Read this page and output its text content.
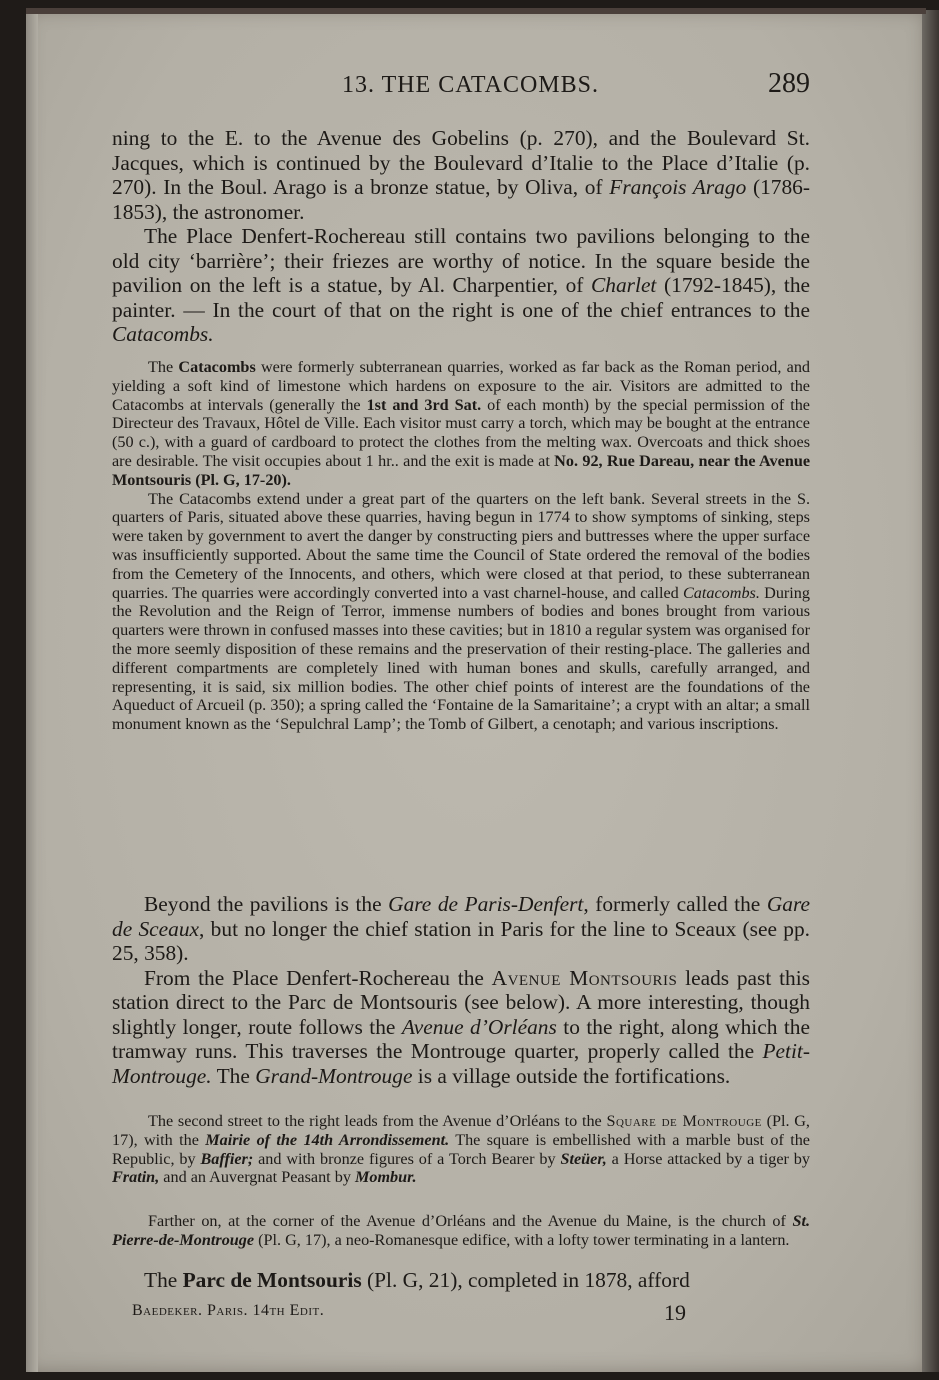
13. THE CATACOMBS.	289

ning to the E. to the Avenue des Gobelins (p. 270), and the Boulevard St. Jacques, which is continued by the Boulevard d’Italie to the Place d’Italie (p. 270). In the Boul. Arago is a bronze statue, by Oliva, of François Arago (1786-1853), the astronomer.

The Place Denfert-Rochereau still contains two pavilions belonging to the old city ‘barrière’; their friezes are worthy of notice. In the square beside the pavilion on the left is a statue, by Al. Charpentier, of Charlet (1792-1845), the painter. — In the court of that on the right is one of the chief entrances to the Catacombs.

The Catacombs were formerly subterranean quarries, worked as far back as the Roman period, and yielding a soft kind of limestone which hardens on exposure to the air. Visitors are admitted to the Catacombs at intervals (generally the 1st and 3rd Sat. of each month) by the special permission of the Directeur des Travaux, Hôtel de Ville. Each visitor must carry a torch, which may be bought at the entrance (50 c.), with a guard of cardboard to protect the clothes from the melting wax. Overcoats and thick shoes are desirable. The visit occupies about 1 hr.. and the exit is made at No. 92, Rue Dareau, near the Avenue Montsouris (Pl. G, 17-20).

The Catacombs extend under a great part of the quarters on the left bank. Several streets in the S. quarters of Paris, situated above these quarries, having begun in 1774 to show symptoms of sinking, steps were taken by government to avert the danger by constructing piers and buttresses where the upper surface was insufficiently supported. About the same time the Council of State ordered the removal of the bodies from the Cemetery of the Innocents, and others, which were closed at that period, to these subterranean quarries. The quarries were accordingly converted into a vast charnel-house, and called Catacombs. During the Revolution and the Reign of Terror, immense numbers of bodies and bones brought from various quarters were thrown in confused masses into these cavities; but in 1810 a regular system was organised for the more seemly disposition of these remains and the preservation of their resting-place. The galleries and different compartments are completely lined with human bones and skulls, carefully arranged, and representing, it is said, six million bodies. The other chief points of interest are the foundations of the Aqueduct of Arcueil (p. 350); a spring called the ‘Fontaine de la Samaritaine’; a crypt with an altar; a small monument known as the ‘Sepulchral Lamp’; the Tomb of Gilbert, a cenotaph; and various inscriptions.

Beyond the pavilions is the Gare de Paris-Denfert, formerly called the Gare de Sceaux, but no longer the chief station in Paris for the line to Sceaux (see pp. 25, 358).

From the Place Denfert-Rochereau the Avenue Montsouris leads past this station direct to the Parc de Montsouris (see below). A more interesting, though slightly longer, route follows the Avenue d’Orléans to the right, along which the tramway runs. This traverses the Montrouge quarter, properly called the Petit-Montrouge. The Grand-Montrouge is a village outside the fortifications.

The second street to the right leads from the Avenue d’Orléans to the Square de Montrouge (Pl. G, 17), with the Mairie of the 14th Arrondissement. The square is embellished with a marble bust of the Republic, by Baffier; and with bronze figures of a Torch Bearer by Steüer, a Horse attacked by a tiger by Fratin, and an Auvergnat Peasant by Mombur.

Farther on, at the corner of the Avenue d’Orléans and the Avenue du Maine, is the church of St. Pierre-de-Montrouge (Pl. G, 17), a neo-Romanesque edifice, with a lofty tower terminating in a lantern.

The Parc de Montsouris (Pl. G, 21), completed in 1878, afford

Baedeker. Paris. 14th Edit.	19
